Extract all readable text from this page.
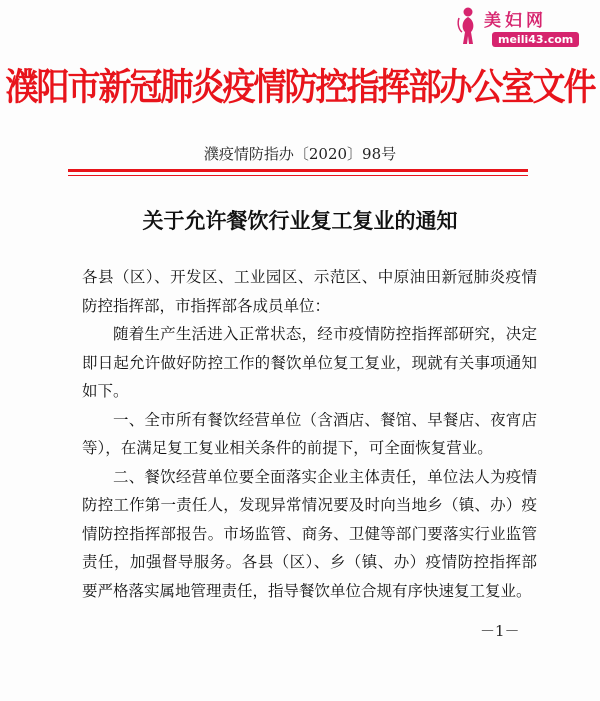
美妇网
meili43.com
濮阳市新冠肺炎疫情防控指挥部办公室文件
濮疫情防指办〔2020〕98号
关于允许餐饮行业复工复业的通知

各县（区）、开发区、工业园区、示范区、中原油田新冠肺炎疫情防控指挥部，市指挥部各成员单位：

随着生产生活进入正常状态，经市疫情防控指挥部研究，决定即日起允许做好防控工作的餐饮单位复工复业，现就有关事项通知如下。

一、全市所有餐饮经营单位（含酒店、餐馆、早餐店、夜宵店等），在满足复工复业相关条件的前提下，可全面恢复营业。

二、餐饮经营单位要全面落实企业主体责任，单位法人为疫情防控工作第一责任人，发现异常情况要及时向当地乡（镇、办）疫情防控指挥部报告。市场监管、商务、卫健等部门要落实行业监管责任，加强督导服务。各县（区）、乡（镇、办）疫情防控指挥部要严格落实属地管理责任，指导餐饮单位合规有序快速复工复业。

－1－
